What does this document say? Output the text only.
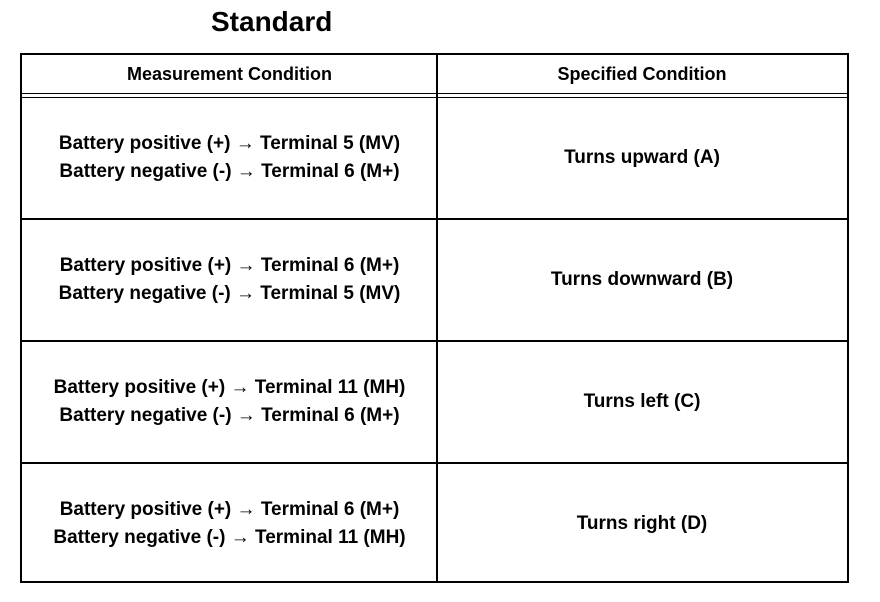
Standard
Measurement Condition	Specified Condition
Battery positive (+) → Terminal 5 (MV)
Battery negative (-) → Terminal 6 (M+)
Turns upward (A)
Battery positive (+) → Terminal 6 (M+)
Battery negative (-) → Terminal 5 (MV)
Turns downward (B)
Battery positive (+) → Terminal 11 (MH)
Battery negative (-) → Terminal 6 (M+)
Turns left (C)
Battery positive (+) → Terminal 6 (M+)
Battery negative (-) → Terminal 11 (MH)
Turns right (D)
